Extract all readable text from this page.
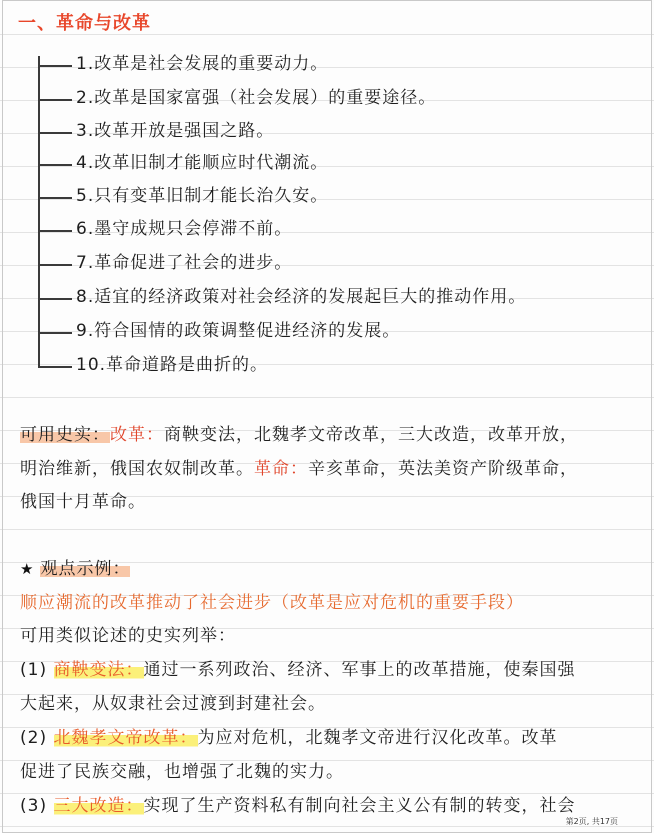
一、革命与改革
1.改革是社会发展的重要动力。
2.改革是国家富强（社会发展）的重要途径。
3.改革开放是强国之路。
4.改革旧制才能顺应时代潮流。
5.只有变革旧制才能长治久安。
6.墨守成规只会停滞不前。
7.革命促进了社会的进步。
8.适宜的经济政策对社会经济的发展起巨大的推动作用。
9.符合国情的政策调整促进经济的发展。
10.革命道路是曲折的。
可用史实：改革：商鞅变法，北魏孝文帝改革，三大改造，改革开放，
明治维新，俄国农奴制改革。革命：辛亥革命，英法美资产阶级革命，
俄国十月革命。
★ 观点示例：
顺应潮流的改革推动了社会进步（改革是应对危机的重要手段）
可用类似论述的史实列举：
(1) 商鞅变法：通过一系列政治、经济、军事上的改革措施，使秦国强
大起来，从奴隶社会过渡到封建社会。
(2) 北魏孝文帝改革：为应对危机，北魏孝文帝进行汉化改革。改革
促进了民族交融，也增强了北魏的实力。
(3) 三大改造：实现了生产资料私有制向社会主义公有制的转变，社会
第2页, 共17页
